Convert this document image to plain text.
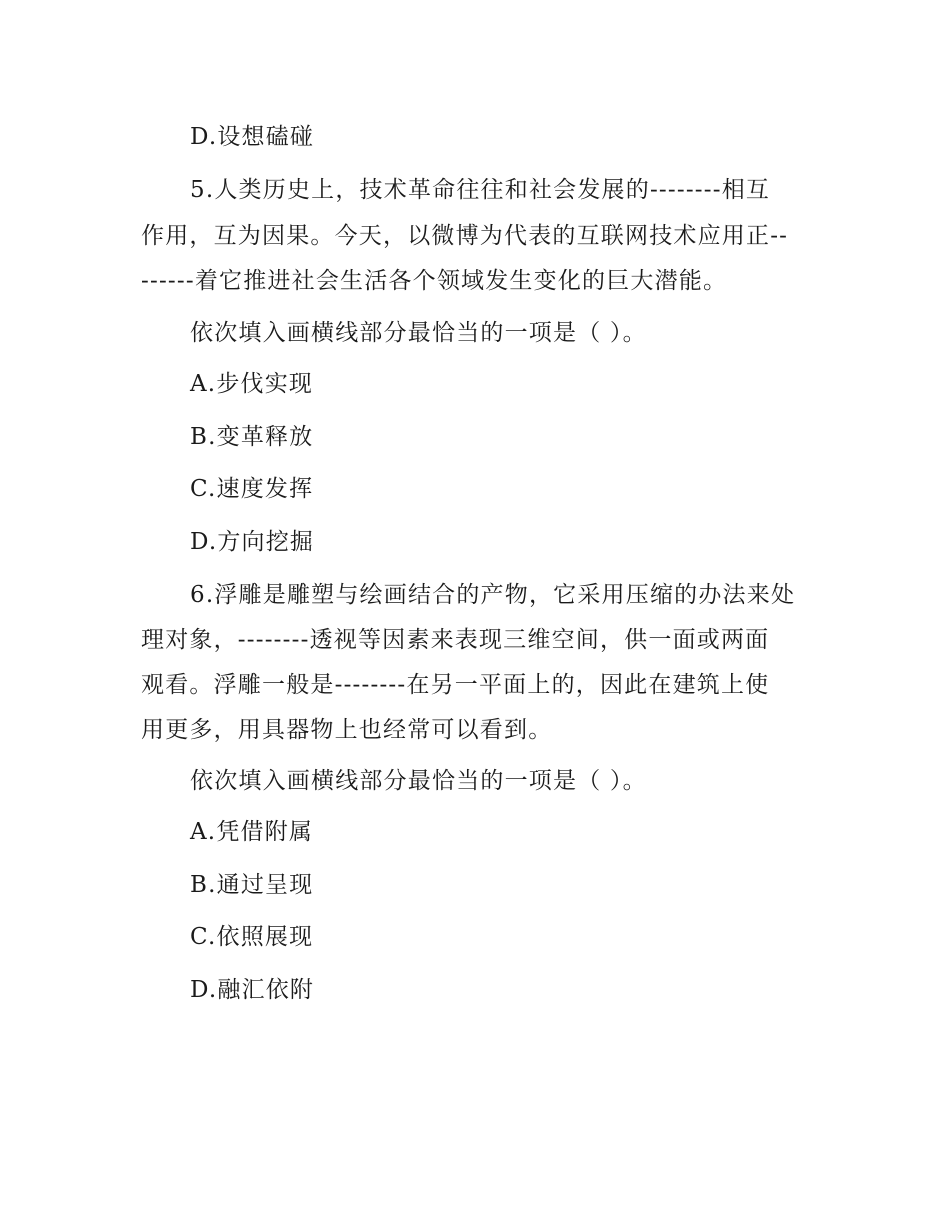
D.设想磕碰
5.人类历史上，技术革命往往和社会发展的--------相互
作用，互为因果。今天，以微博为代表的互联网技术应用正--
------着它推进社会生活各个领域发生变化的巨大潜能。
依次填入画横线部分最恰当的一项是（ ）。
A.步伐实现
B.变革释放
C.速度发挥
D.方向挖掘
6.浮雕是雕塑与绘画结合的产物，它采用压缩的办法来处
理对象，--------透视等因素来表现三维空间，供一面或两面
观看。浮雕一般是--------在另一平面上的，因此在建筑上使
用更多，用具器物上也经常可以看到。
依次填入画横线部分最恰当的一项是（ ）。
A.凭借附属
B.通过呈现
C.依照展现
D.融汇依附
